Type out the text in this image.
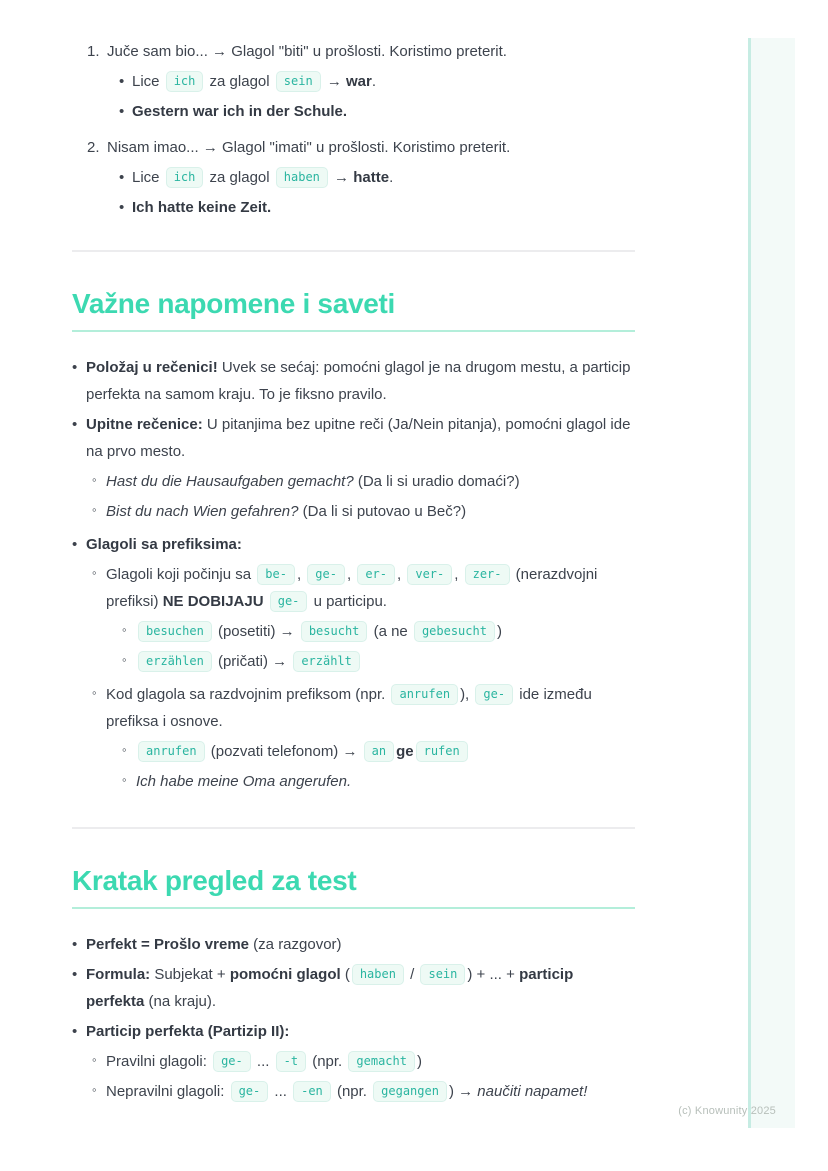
1. Juče sam bio... → Glagol "biti" u prošlosti. Koristimo preterit.
• Lice ich za glagol sein → war.
• Gestern war ich in der Schule.
2. Nisam imao... → Glagol "imati" u prošlosti. Koristimo preterit.
• Lice ich za glagol haben → hatte.
• Ich hatte keine Zeit.
Važne napomene i saveti
• Položaj u rečenici! Uvek se sećaj: pomoćni glagol je na drugom mestu, a particip perfekta na samom kraju. To je fiksno pravilo.
• Upitne rečenice: U pitanjima bez upitne reči (Ja/Nein pitanja), pomoćni glagol ide na prvo mesto.
◦ Hast du die Hausaufgaben gemacht? (Da li si uradio domaći?)
◦ Bist du nach Wien gefahren? (Da li si putovao u Beč?)
• Glagoli sa prefiksima:
◦ Glagoli koji počinju sa be- , ge- , er- , ver- , zer- (nerazdvojni prefiksi) NE DOBIJAJU ge- u participu.
◦	besuchen (posetiti) → besucht (a ne gebesucht )
◦	erzählen (pričati) → erzählt
◦ Kod glagola sa razdvojnim prefiksom (npr. anrufen ), ge- ide između prefiksa i osnove.
◦	anrufen (pozvati telefonom) → an ge rufen
◦ Ich habe meine Oma angerufen.
Kratak pregled za test
• Perfekt = Prošlo vreme (za razgovor)
• Formula: Subjekat + pomoćni glagol ( haben / sein ) + ... + particip perfekta (na kraju).
• Particip perfekta (Partizip II):
◦ Pravilni glagoli: ge- ... -t (npr. gemacht )
◦ Nepravilni glagoli: ge- ... -en (npr. gegangen ) → naučiti napamet!
(c) Knowunity 2025
